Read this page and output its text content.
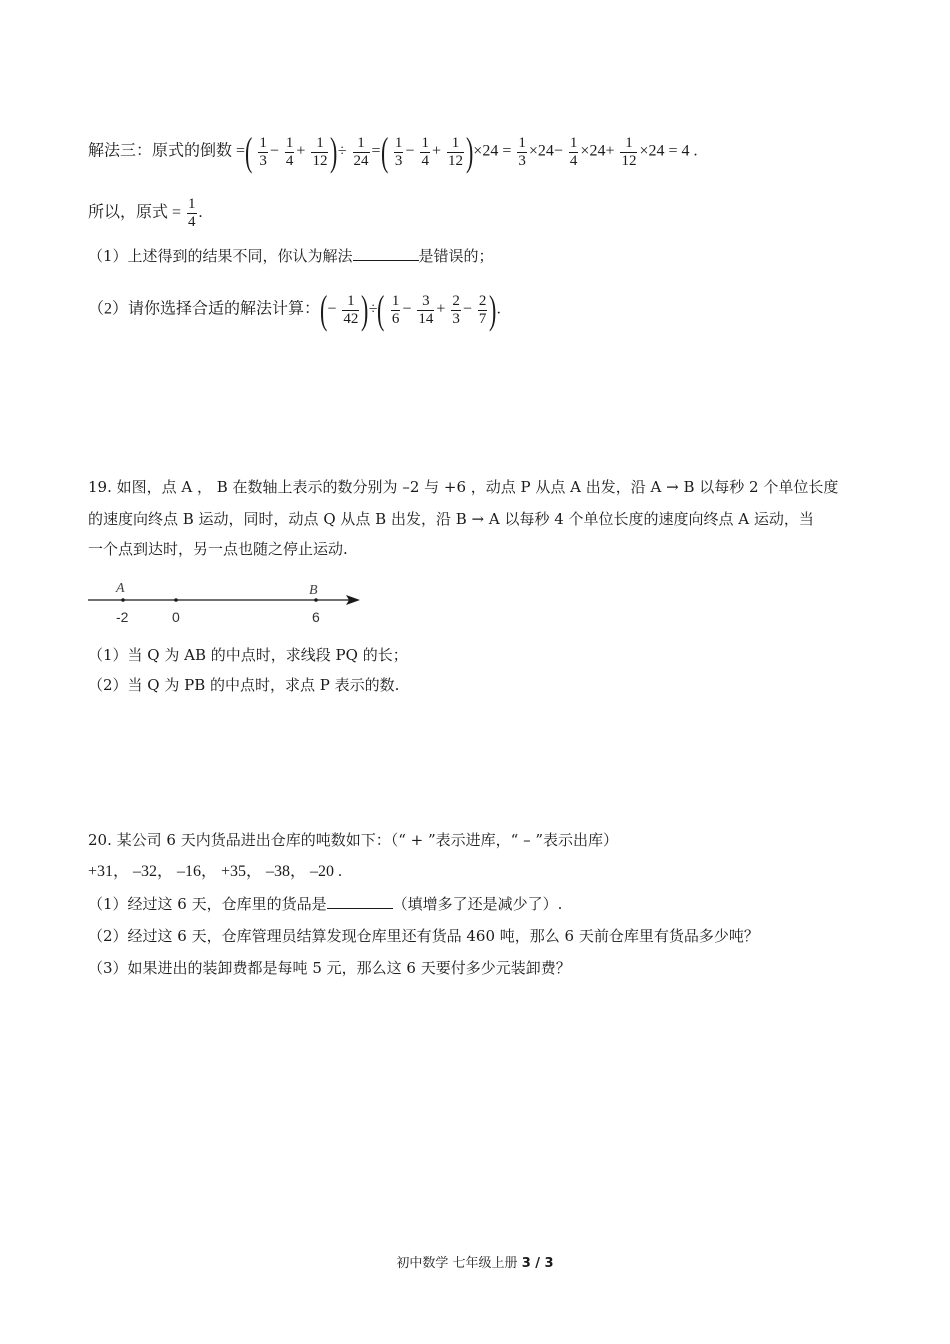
解法三：原式的倒数 =( $\frac{1}{3} - \frac{1}{4} + \frac{1}{12}$ )÷ $\frac{1}{24}$ =( $\frac{1}{3} - \frac{1}{4} + \frac{1}{12} )\times 24 = \frac{1}{3} \times 24- \frac{1}{4} \times 24+ \frac{1}{12} \times 24 = 4$ .
所以，原式 = $\frac{1}{4}$ .
（1）上述得到的结果不同，你认为解法	是错误的；
（2）请你选择合适的解法计算：(− $\frac{1}{42}$ )÷( $\frac{1}{6} - \frac{3}{14} + \frac{2}{3} - \frac{2}{7}$ ).
19. 如图，点 A ， B 在数轴上表示的数分别为 –2 与 +6 ，动点 P 从点 A 出发，沿 A → B 以每秒 2 个单位长度
的速度向终点 B 运动，同时，动点 Q 从点 B 出发，沿 B → A 以每秒 4 个单位长度的速度向终点 A 运动，当
一个点到达时，另一点也随之停止运动.
A	B
-2	0	6
（1）当 Q 为 AB 的中点时，求线段 PQ 的长；
（2）当 Q 为 PB 的中点时，求点 P 表示的数.
20. 某公司 6 天内货品进出仓库的吨数如下：（“ + ”表示进库，“ – ”表示出库）
+31， –32， –16， +35， –38， –20 .
（1）经过这 6 天，仓库里的货品是	（填增多了还是减少了）.
（2）经过这 6 天，仓库管理员结算发现仓库里还有货品 460 吨，那么 6 天前仓库里有货品多少吨？
（3）如果进出的装卸费都是每吨 5 元，那么这 6 天要付多少元装卸费？
初中数学 七年级上册 3 / 3
